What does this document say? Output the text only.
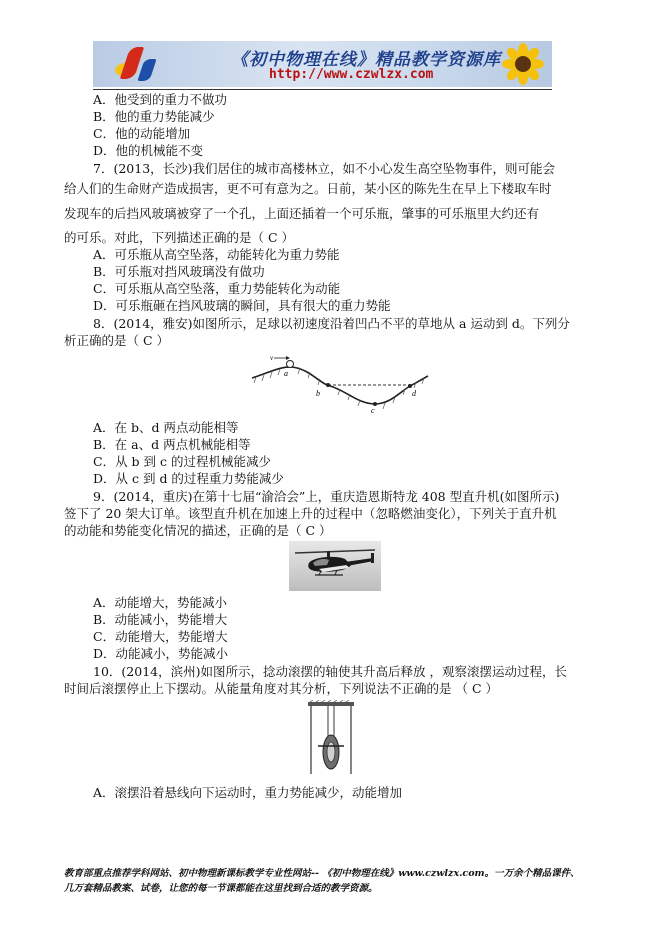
《初中物理在线》精品教学资源库
http://www.czwlzx.com
A．他受到的重力不做功
B．他的重力势能减少
C．他的动能增加
D．他的机械能不变
7．(2013，长沙)我们居住的城市高楼林立，如不小心发生高空坠物事件，则可能会
给人们的生命财产造成损害，更不可有意为之。日前，某小区的陈先生在早上下楼取车时
发现车的后挡风玻璃被穿了一个孔，上面还插着一个可乐瓶，肇事的可乐瓶里大约还有
的可乐。对此，下列描述正确的是（ C ）
A．可乐瓶从高空坠落，动能转化为重力势能
B．可乐瓶对挡风玻璃没有做功
C．可乐瓶从高空坠落，重力势能转化为动能
D．可乐瓶砸在挡风玻璃的瞬间，具有很大的重力势能
8．(2014，雅安)如图所示，足球以初速度沿着凹凸不平的草地从 a 运动到 d。下列分
析正确的是（ C ）
v
a
b
c
d
A．在 b、d 两点动能相等
B．在 a、d 两点机械能相等
C．从 b 到 c 的过程机械能减少
D．从 c 到 d 的过程重力势能减少
9．(2014，重庆)在第十七届“渝洽会”上，重庆造恩斯特龙 408 型直升机(如图所示)
签下了 20 架大订单。该型直升机在加速上升的过程中（忽略燃油变化），下列关于直升机
的动能和势能变化情况的描述，正确的是（ C ）
A．动能增大，势能减小
B．动能减小，势能增大
C．动能增大，势能增大
D．动能减小，势能减小
10．(2014，滨州)如图所示，捻动滚摆的轴使其升高后释放 ，观察滚摆运动过程，长
时间后滚摆停止上下摆动。从能量角度对其分析，下列说法不正确的是 （ C ）
A．滚摆沿着悬线向下运动时，重力势能减少，动能增加
教育部重点推荐学科网站、初中物理新课标教学专业性网站-- 《初中物理在线》www.czwlzx.com。一万余个精品课件、
几万套精品教案、试卷，让您的每一节课都能在这里找到合适的教学资源。
